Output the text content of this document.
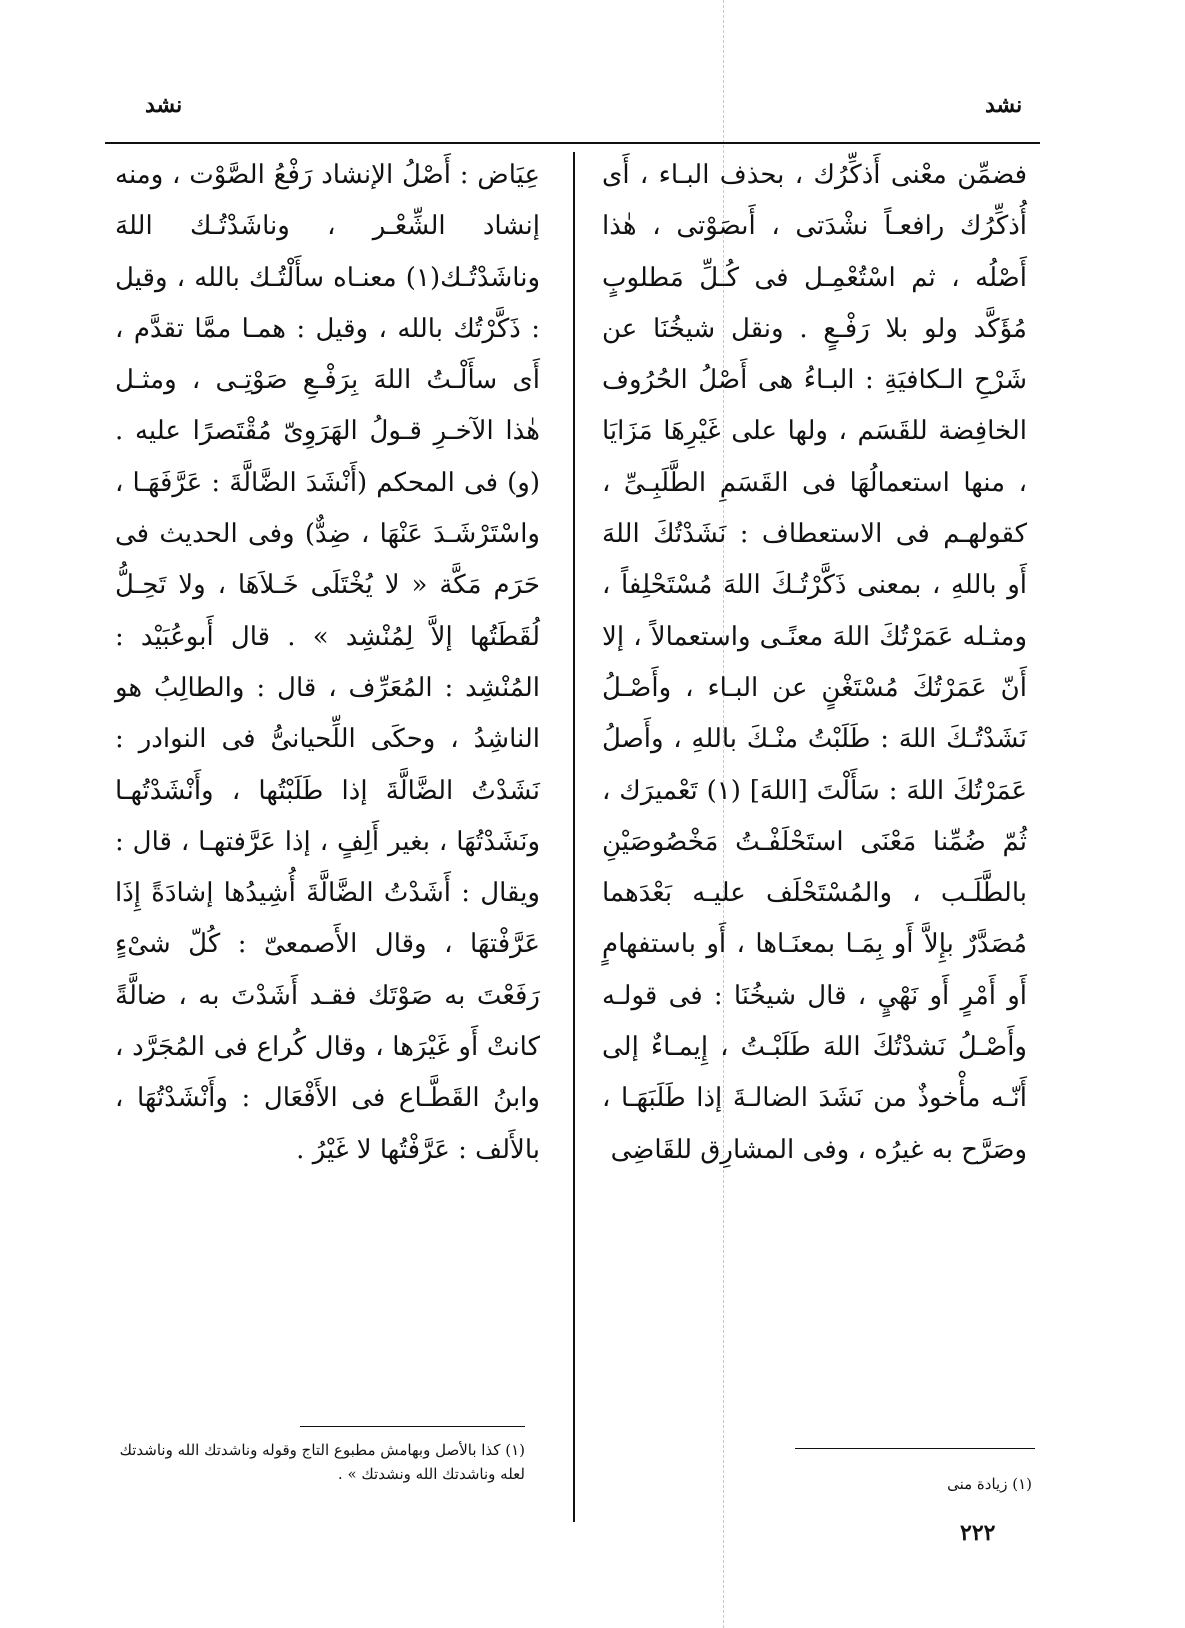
نشد
نشد

فضمِّن معْنى أَذكِّرُك ، بحذف البـاء ، أَى أُذكِّرُك رافعـاً نشْدَتى ، أَىصَوْتى ، هٰذا أَصْلُه ، ثم اسْتُعْمِـل فى كُـلِّ مَطلوبٍ مُؤَكَّد ولو بلا رَفْـعٍ . ونقل شيخُنَا عن شَرْحِ الـكافيَةِ : البـاءُ هى أَصْلُ الحُرُوف الخافِضة للقَسَم ، ولها على غَيْرِهَا مَزَايَا ، منها استعمالُهَا فى القَسَمِ الطَّلَبِـىِّ ، كقولهـم فى الاستعطاف : نَشَدْتُكَ اللهَ أَو باللهِ ، بمعنى ذَكَّرْتُـكَ اللهَ مُسْتَحْلِفاً ، ومثـله عَمَرْتُكَ اللهَ معنًـى واستعمالاً ، إلا أَنّ عَمَرْتُكَ مُسْتَغْنٍ عن البـاء ، وأَصْـلُ نَشَدْتُـكَ اللهَ : طَلَبْتُ منْـكَ باللهِ ، وأَصلُ عَمَرْتُكَ اللهَ : سَأَلْتَ [اللهَ] (١) تَعْميرَك ، ثُمّ ضُمِّنا مَعْنَى استَحْلَفْـتُ مَخْصُوصَيْنِ بالطَّلَـب ، والمُسْتَحْلَف عليـه بَعْدَهما مُصَدَّرٌ بإِلاَّ أَو بِمَـا بمعنَـاها ، أَو باستفهامٍ أَو أَمْرٍ أَو نَهْيٍ ، قال شيخُنَا : فى قولـه وأَصْـلُ نَشدْتُكَ اللهَ طَلَبْـتُ ، إِيمـاءٌ إلى أَنّـه مأْخوذٌ من نَشَدَ الضالـةَ إذا طَلَبَهَـا ، وصَرَّح به غيرُه ، وفى المشارِق للقَاضِى

عِيَاض : أَصْلُ الإنشاد رَفْعُ الصَّوْت ، ومنه إنشاد الشِّعْـر ، وناشَدْتُـك اللهَ وناشَدْتُـك(١) معنـاه سأَلْتُـك بالله ، وقيل : ذَكَّرْتُك بالله ، وقيل : همـا ممَّا تقدَّم ، أَى سأَلْـتُ اللهَ بِرَفْـعِ صَوْتِـى ، ومثـل هٰذا الآخـرِ قـولُ الهَرَوِىّ مُقْتَصرًا عليه . (و) فى المحكم (أَنْشَدَ الضَّالَّةَ : عَرَّفَهَـا ، واسْتَرْشَـدَ عَنْهَا ، ضِدٌّ) وفى الحديث فى حَرَم مَكَّة « لا يُخْتَلَى خَـلاَهَا ، ولا تَحِـلُّ لُقَطَتُها إلاَّ لِمُنْشِد » . قال أَبوعُبَيْد : المُنْشِد : المُعَرِّف ، قال : والطالِبُ هو الناشِدُ ، وحكَى اللِّحيانىُّ فى النوادر : نَشَدْتُ الضَّالَّةَ إذا طَلَبْتُها ، وأَنْشَدْتُهـا ونَشَدْتُهَا ، بغير أَلِفٍ ، إذا عَرَّفتهـا ، قال : ويقال : أَشَدْتُ الضَّالَّةَ أُشِيدُها إشادَةً إِذَا عَرَّفْتهَا ، وقال الأَصمعىّ : كُلّ شىْءٍ رَفَعْتَ به صَوْتَك فقـد أَشَدْتَ به ، ضالَّةً كانتْ أَو غَيْرَها ، وقال كُراع فى المُجَرَّد ، وابنُ القَطَّـاع فى الأَفْعَال : وأَنْشَدْتُهَا ، بالأَلف : عَرَّفْتُها لا غَيْرُ .

(١) زيادة منى
(١) كذا بالأصل وبهامش مطبوع التاج وقوله وناشدتك الله وناشدتك لعله وناشدتك الله ونشدتك » .
٢٢٢
